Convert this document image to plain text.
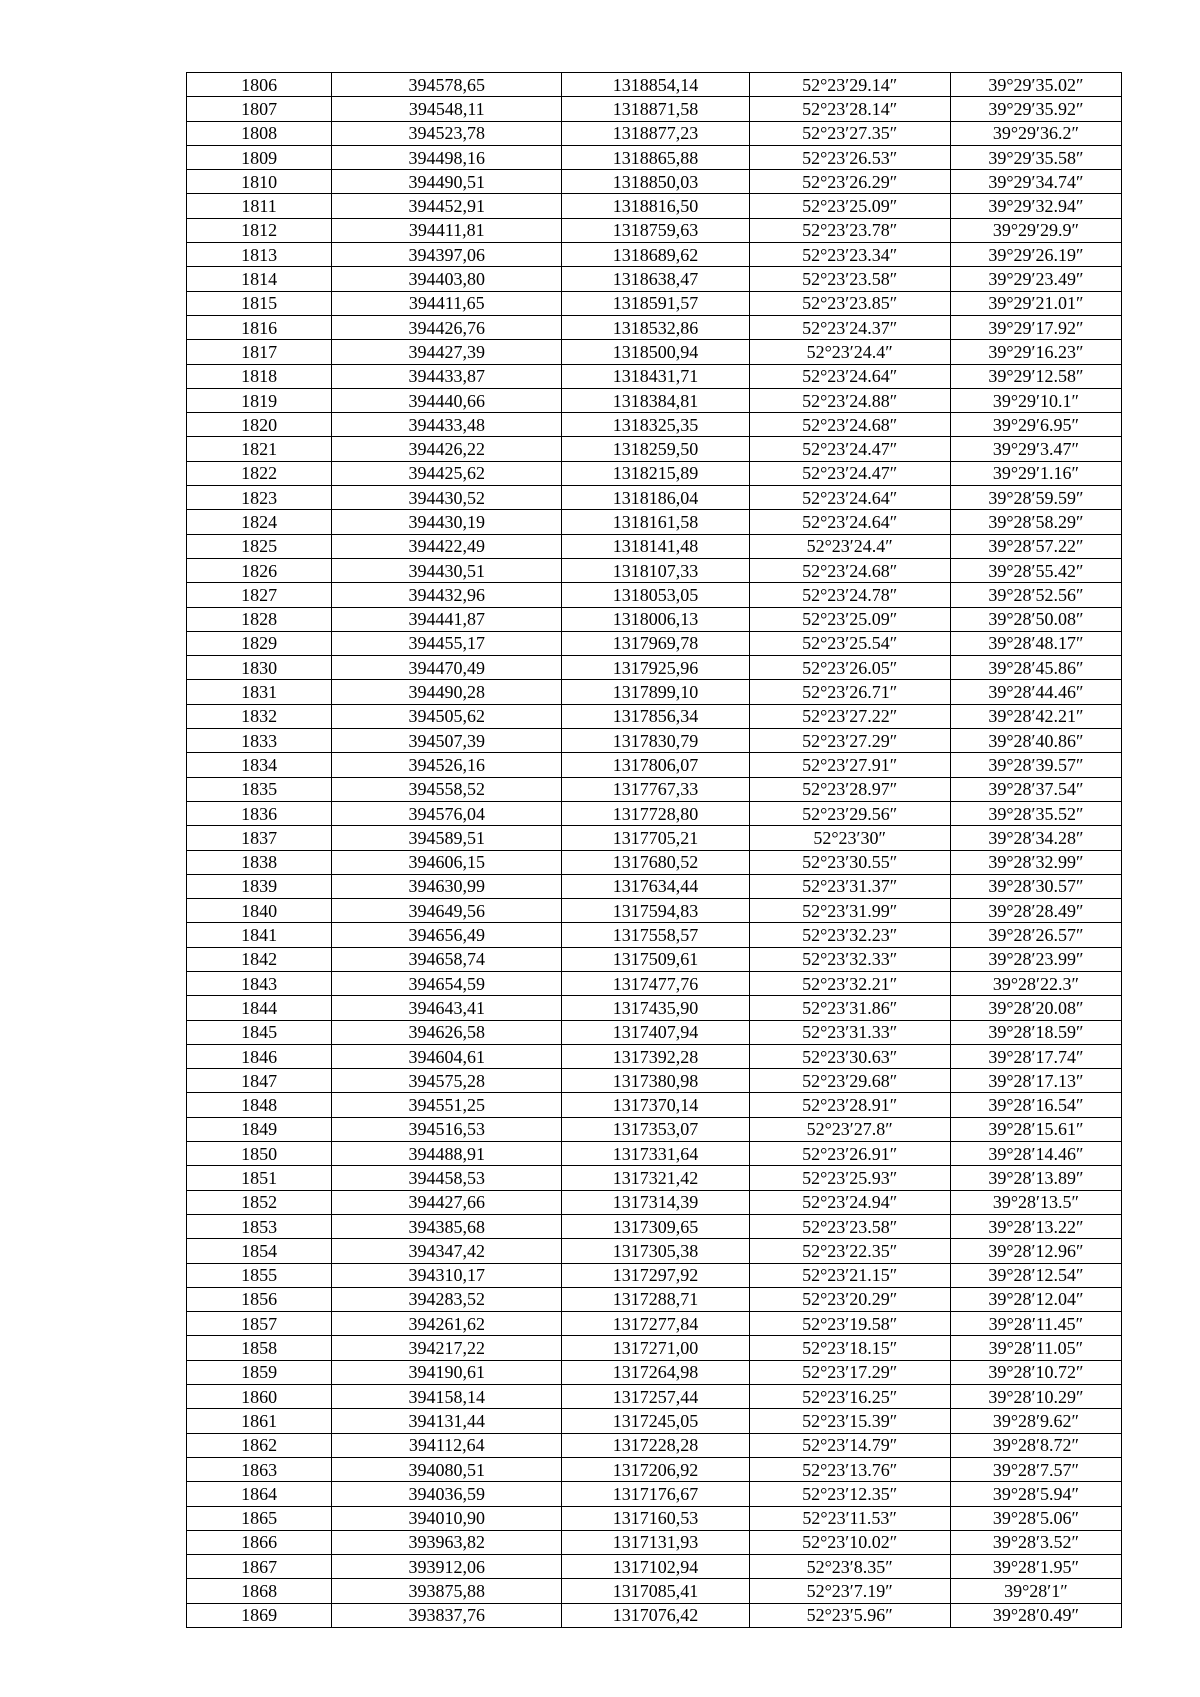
1806	394578,65	1318854,14	52°23′29.14″	39°29′35.02″
1807	394548,11	1318871,58	52°23′28.14″	39°29′35.92″
1808	394523,78	1318877,23	52°23′27.35″	39°29′36.2″
1809	394498,16	1318865,88	52°23′26.53″	39°29′35.58″
1810	394490,51	1318850,03	52°23′26.29″	39°29′34.74″
1811	394452,91	1318816,50	52°23′25.09″	39°29′32.94″
1812	394411,81	1318759,63	52°23′23.78″	39°29′29.9″
1813	394397,06	1318689,62	52°23′23.34″	39°29′26.19″
1814	394403,80	1318638,47	52°23′23.58″	39°29′23.49″
1815	394411,65	1318591,57	52°23′23.85″	39°29′21.01″
1816	394426,76	1318532,86	52°23′24.37″	39°29′17.92″
1817	394427,39	1318500,94	52°23′24.4″	39°29′16.23″
1818	394433,87	1318431,71	52°23′24.64″	39°29′12.58″
1819	394440,66	1318384,81	52°23′24.88″	39°29′10.1″
1820	394433,48	1318325,35	52°23′24.68″	39°29′6.95″
1821	394426,22	1318259,50	52°23′24.47″	39°29′3.47″
1822	394425,62	1318215,89	52°23′24.47″	39°29′1.16″
1823	394430,52	1318186,04	52°23′24.64″	39°28′59.59″
1824	394430,19	1318161,58	52°23′24.64″	39°28′58.29″
1825	394422,49	1318141,48	52°23′24.4″	39°28′57.22″
1826	394430,51	1318107,33	52°23′24.68″	39°28′55.42″
1827	394432,96	1318053,05	52°23′24.78″	39°28′52.56″
1828	394441,87	1318006,13	52°23′25.09″	39°28′50.08″
1829	394455,17	1317969,78	52°23′25.54″	39°28′48.17″
1830	394470,49	1317925,96	52°23′26.05″	39°28′45.86″
1831	394490,28	1317899,10	52°23′26.71″	39°28′44.46″
1832	394505,62	1317856,34	52°23′27.22″	39°28′42.21″
1833	394507,39	1317830,79	52°23′27.29″	39°28′40.86″
1834	394526,16	1317806,07	52°23′27.91″	39°28′39.57″
1835	394558,52	1317767,33	52°23′28.97″	39°28′37.54″
1836	394576,04	1317728,80	52°23′29.56″	39°28′35.52″
1837	394589,51	1317705,21	52°23′30″	39°28′34.28″
1838	394606,15	1317680,52	52°23′30.55″	39°28′32.99″
1839	394630,99	1317634,44	52°23′31.37″	39°28′30.57″
1840	394649,56	1317594,83	52°23′31.99″	39°28′28.49″
1841	394656,49	1317558,57	52°23′32.23″	39°28′26.57″
1842	394658,74	1317509,61	52°23′32.33″	39°28′23.99″
1843	394654,59	1317477,76	52°23′32.21″	39°28′22.3″
1844	394643,41	1317435,90	52°23′31.86″	39°28′20.08″
1845	394626,58	1317407,94	52°23′31.33″	39°28′18.59″
1846	394604,61	1317392,28	52°23′30.63″	39°28′17.74″
1847	394575,28	1317380,98	52°23′29.68″	39°28′17.13″
1848	394551,25	1317370,14	52°23′28.91″	39°28′16.54″
1849	394516,53	1317353,07	52°23′27.8″	39°28′15.61″
1850	394488,91	1317331,64	52°23′26.91″	39°28′14.46″
1851	394458,53	1317321,42	52°23′25.93″	39°28′13.89″
1852	394427,66	1317314,39	52°23′24.94″	39°28′13.5″
1853	394385,68	1317309,65	52°23′23.58″	39°28′13.22″
1854	394347,42	1317305,38	52°23′22.35″	39°28′12.96″
1855	394310,17	1317297,92	52°23′21.15″	39°28′12.54″
1856	394283,52	1317288,71	52°23′20.29″	39°28′12.04″
1857	394261,62	1317277,84	52°23′19.58″	39°28′11.45″
1858	394217,22	1317271,00	52°23′18.15″	39°28′11.05″
1859	394190,61	1317264,98	52°23′17.29″	39°28′10.72″
1860	394158,14	1317257,44	52°23′16.25″	39°28′10.29″
1861	394131,44	1317245,05	52°23′15.39″	39°28′9.62″
1862	394112,64	1317228,28	52°23′14.79″	39°28′8.72″
1863	394080,51	1317206,92	52°23′13.76″	39°28′7.57″
1864	394036,59	1317176,67	52°23′12.35″	39°28′5.94″
1865	394010,90	1317160,53	52°23′11.53″	39°28′5.06″
1866	393963,82	1317131,93	52°23′10.02″	39°28′3.52″
1867	393912,06	1317102,94	52°23′8.35″	39°28′1.95″
1868	393875,88	1317085,41	52°23′7.19″	39°28′1″
1869	393837,76	1317076,42	52°23′5.96″	39°28′0.49″
